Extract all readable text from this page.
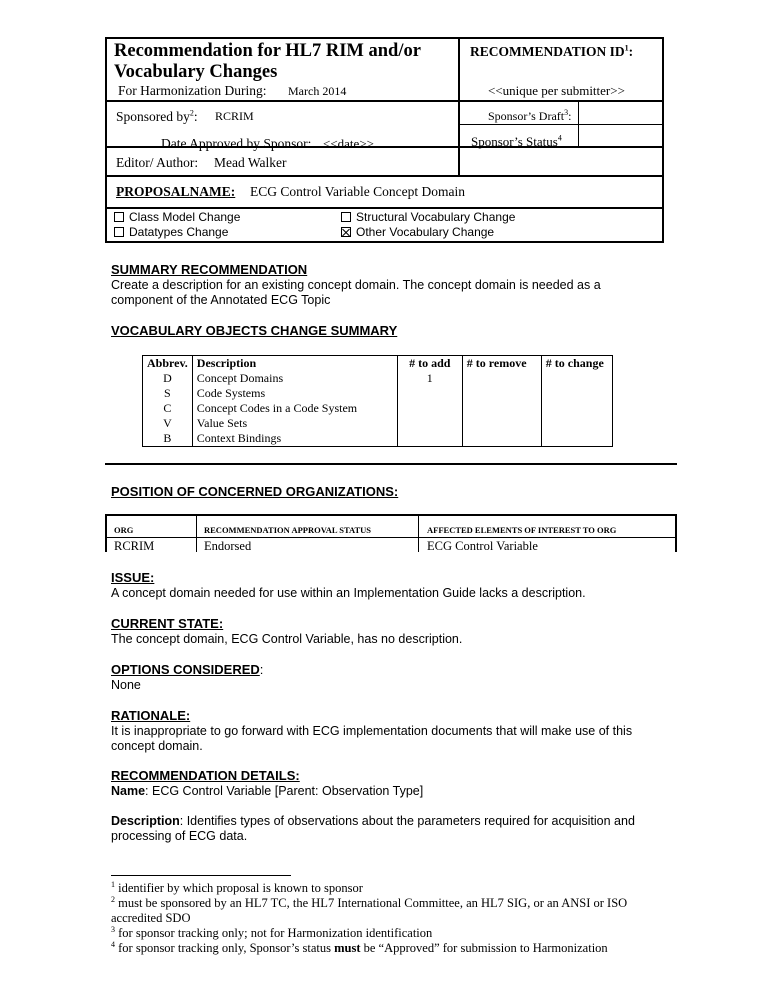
Recommendation for HL7 RIM and/or Vocabulary Changes
For Harmonization During: March 2014
RECOMMENDATION $ID^1$:
<<unique per submitter>>
Sponsored $by^2$: RCRIM
Date Approved by Sponsor: <<date>>
Sponsor’s Draft$^3$:
Sponsor’s Status$^4$
Editor/ Author: Mead Walker
PROPOSALNAME: ECG Control Variable Concept Domain
Class Model Change
Datatypes Change
Structural Vocabulary Change
Other Vocabulary Change
SUMMARY RECOMMENDATION
Create a description for an existing concept domain. The concept domain is needed as a component of the Annotated ECG Topic
VOCABULARY OBJECTS CHANGE SUMMARY
Abbrev.	Description	# to add	# to remove	# to change
D	Concept Domains	1		
S	Code Systems			
C	Concept Codes in a Code System			
V	Value Sets			
B	Context Bindings			
POSITION OF CONCERNED ORGANIZATIONS:
ORG	RECOMMENDATION APPROVAL STATUS	AFFECTED ELEMENTS OF INTEREST TO ORG
RCRIM	Endorsed	ECG Control Variable
ISSUE:
A concept domain needed for use within an Implementation Guide lacks a description.
CURRENT STATE:
The concept domain, ECG Control Variable, has no description.
OPTIONS CONSIDERED:
None
RATIONALE:
It is inappropriate to go forward with ECG implementation documents that will make use of this concept domain.
RECOMMENDATION DETAILS:
Name: ECG Control Variable [Parent: Observation Type]
Description: Identifies types of observations about the parameters required for acquisition and processing of ECG data.
$^1$ identifier by which proposal is known to sponsor
$^2$ must be sponsored by an HL7 TC, the HL7 International Committee, an HL7 SIG, or an ANSI or ISO accredited SDO
$^3$ for sponsor tracking only; not for Harmonization identification
$^4$ for sponsor tracking only, Sponsor’s status must be “Approved” for submission to Harmonization
